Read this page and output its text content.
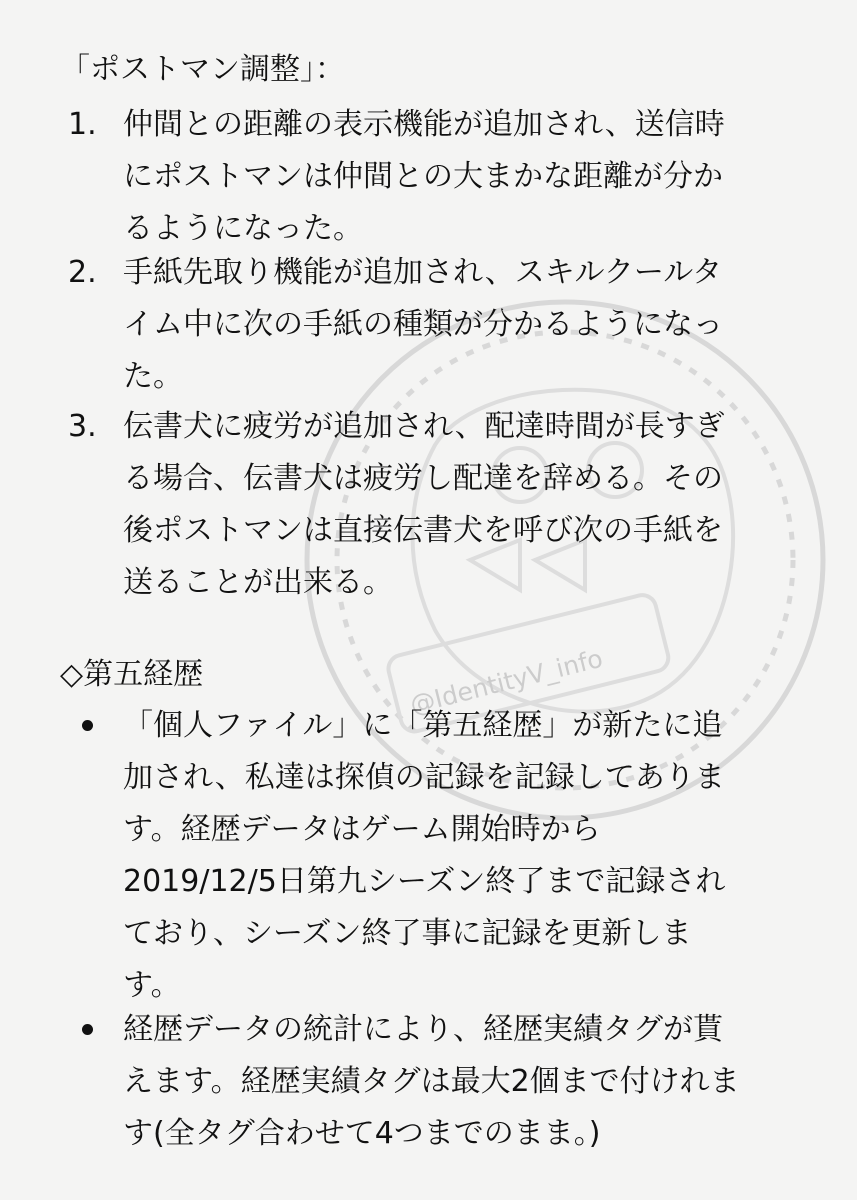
@IdentityV_info
「ポストマン調整」：
1. 仲間との距離の表示機能が追加され、送信時
にポストマンは仲間との大まかな距離が分か
るようになった。
2. 手紙先取り機能が追加され、スキルクールタ
イム中に次の手紙の種類が分かるようになっ
た。
3. 伝書犬に疲労が追加され、配達時間が長すぎ
る場合、伝書犬は疲労し配達を辞める。その
後ポストマンは直接伝書犬を呼び次の手紙を
送ることが出来る。
◇第五経歴
「個人ファイル」に「第五経歴」が新たに追
加され、私達は探偵の記録を記録してありま
す。経歴データはゲーム開始時から
2019/12/5日第九シーズン終了まで記録され
ており、シーズン終了事に記録を更新しま
す。
経歴データの統計により、経歴実績タグが貰
えます。経歴実績タグは最大2個まで付けれま
す(全タグ合わせて4つまでのまま。)
